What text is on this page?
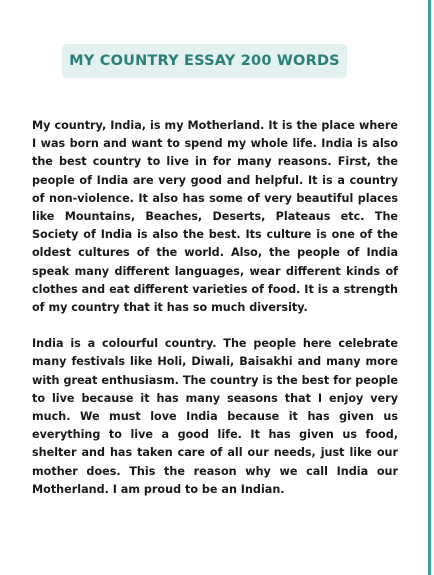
MY COUNTRY ESSAY 200 WORDS

My country, India, is my Motherland. It is the place where I was born and want to spend my whole life. India is also the best country to live in for many reasons. First, the people of India are very good and helpful. It is a country of non-violence. It also has some of very beautiful places like Mountains, Beaches, Deserts, Plateaus etc. The Society of India is also the best. Its culture is one of the oldest cultures of the world. Also, the people of India speak many different languages, wear different kinds of clothes and eat different varieties of food. It is a strength of my country that it has so much diversity.

India is a colourful country. The people here celebrate many festivals like Holi, Diwali, Baisakhi and many more with great enthusiasm. The country is the best for people to live because it has many seasons that I enjoy very much. We must love India because it has given us everything to live a good life. It has given us food, shelter and has taken care of all our needs, just like our mother does. This the reason why we call India our Motherland. I am proud to be an Indian.
